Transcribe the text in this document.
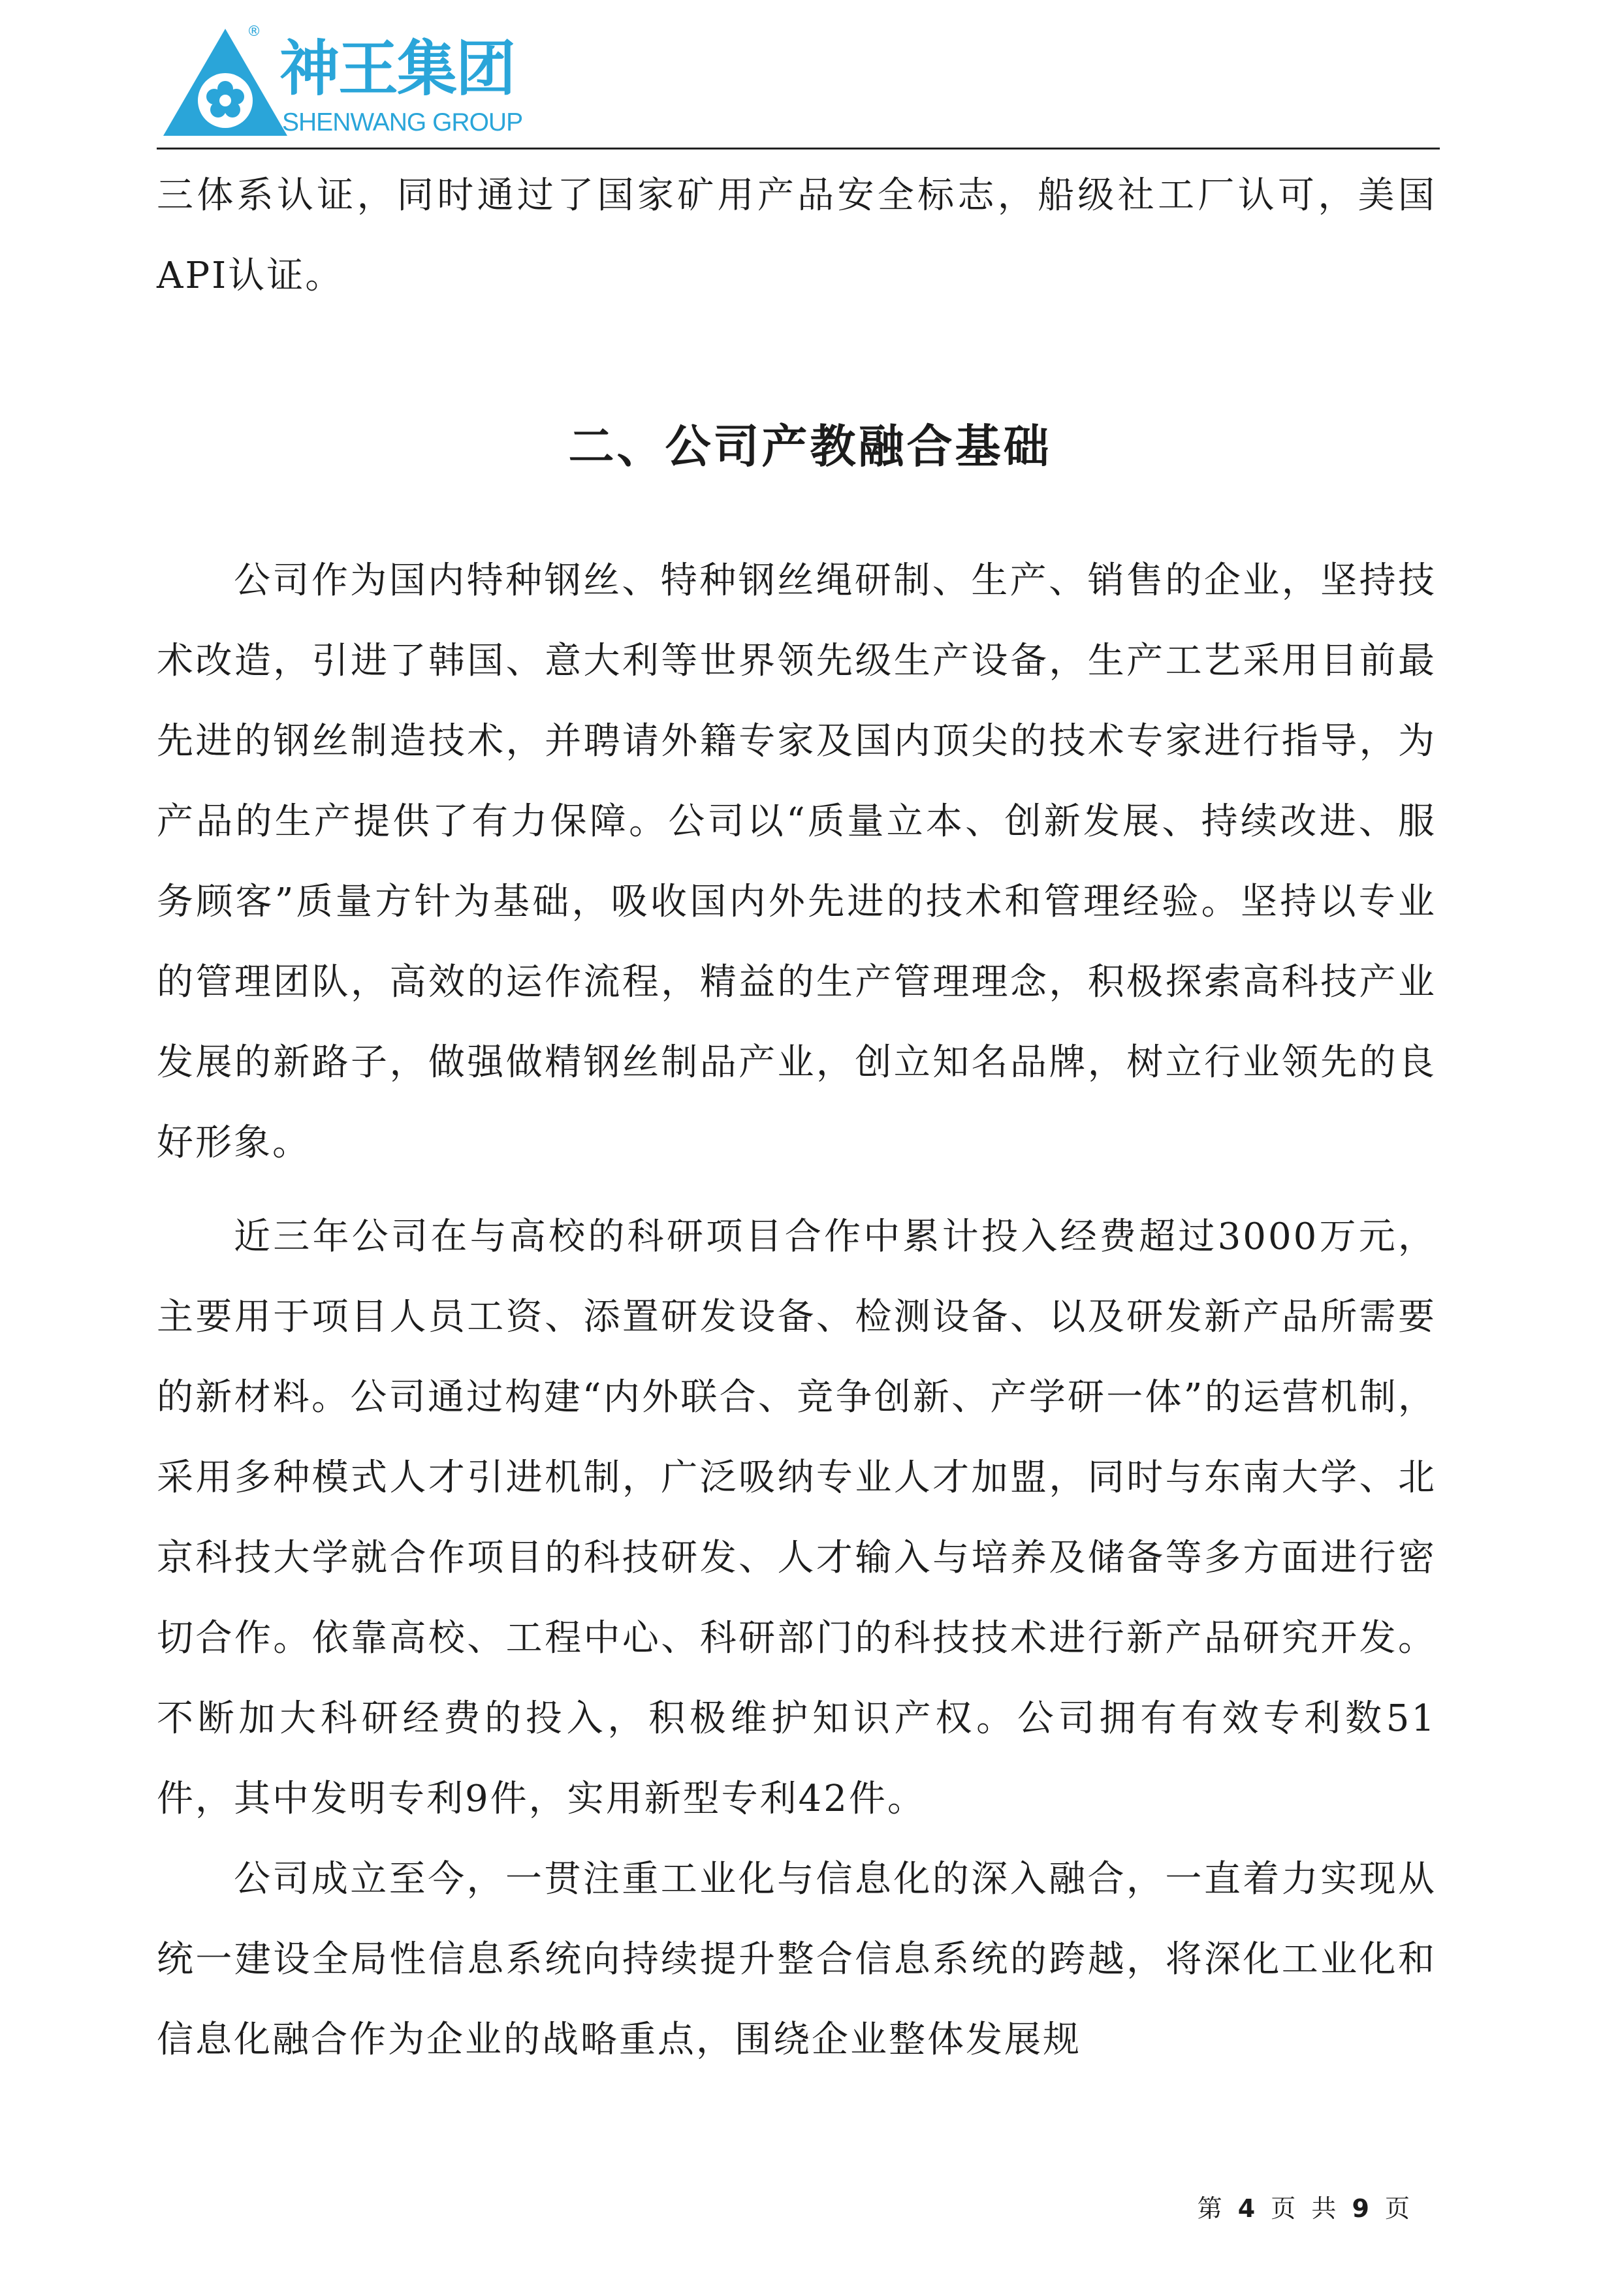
®
神王集团
SHENWANG GROUP

三体系认证，同时通过了国家矿用产品安全标志，船级社工厂认可，美国API认证。

二、公司产教融合基础

公司作为国内特种钢丝、特种钢丝绳研制、生产、销售的企业，坚持技术改造，引进了韩国、意大利等世界领先级生产设备，生产工艺采用目前最先进的钢丝制造技术，并聘请外籍专家及国内顶尖的技术专家进行指导，为产品的生产提供了有力保障。公司以“质量立本、创新发展、持续改进、服务顾客”质量方针为基础，吸收国内外先进的技术和管理经验。坚持以专业的管理团队，高效的运作流程，精益的生产管理理念，积极探索高科技产业发展的新路子，做强做精钢丝制品产业，创立知名品牌，树立行业领先的良好形象。

近三年公司在与高校的科研项目合作中累计投入经费超过3000万元，主要用于项目人员工资、添置研发设备、检测设备、以及研发新产品所需要的新材料。公司通过构建“内外联合、竞争创新、产学研一体”的运营机制，采用多种模式人才引进机制，广泛吸纳专业人才加盟，同时与东南大学、北京科技大学就合作项目的科技研发、人才输入与培养及储备等多方面进行密切合作。依靠高校、工程中心、科研部门的科技技术进行新产品研究开发。不断加大科研经费的投入，积极维护知识产权。公司拥有有效专利数51件，其中发明专利9件，实用新型专利42件。

公司成立至今，一贯注重工业化与信息化的深入融合，一直着力实现从统一建设全局性信息系统向持续提升整合信息系统的跨越，将深化工业化和信息化融合作为企业的战略重点，围绕企业整体发展规

第 4 页 共 9 页
